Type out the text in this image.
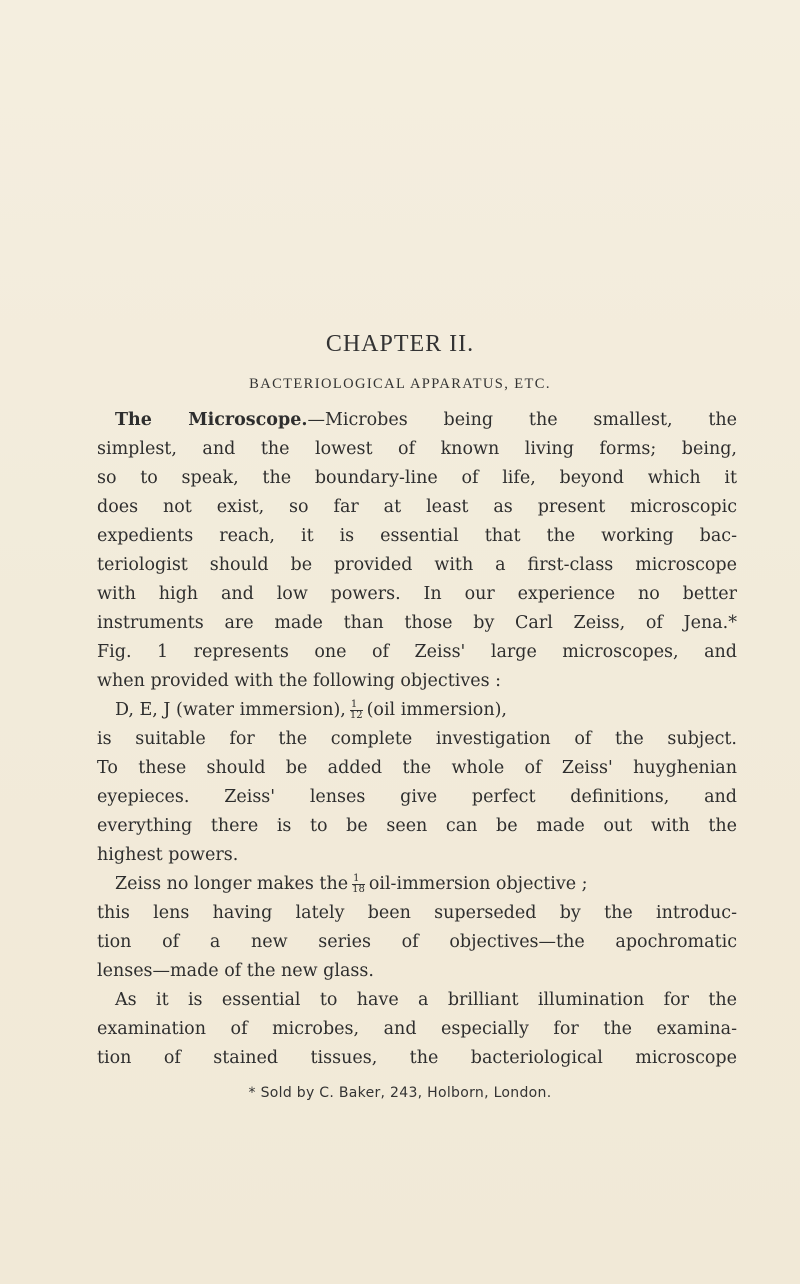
CHAPTER II.
BACTERIOLOGICAL APPARATUS, ETC.
The Microscope.—Microbes being the smallest, the
simplest, and the lowest of known living forms; being,
so to speak, the boundary-line of life, beyond which it
does not exist, so far at least as present microscopic
expedients reach, it is essential that the working bac-
teriologist should be provided with a first-class microscope
with high and low powers. In our experience no better
instruments are made than those by Carl Zeiss, of Jena.*
Fig. 1 represents one of Zeiss' large microscopes, and
when provided with the following objectives :
D, E, J (water immersion), $\frac{1}{12} (oil$ immersion),
is suitable for the complete investigation of the subject.
To these should be added the whole of Zeiss' huyghenian
eyepieces. Zeiss' lenses give perfect definitions, and
everything there is to be seen can be made out with the
highest powers.
Zeiss no longer makes the $\frac{1}{18}$ oil-immersion objective ;
this lens having lately been superseded by the introduc-
tion of a new series of objectives—the apochromatic
lenses—made of the new glass.
As it is essential to have a brilliant illumination for the
examination of microbes, and especially for the examina-
tion of stained tissues, the bacteriological microscope
* Sold by C. Baker, 243, Holborn, London.
